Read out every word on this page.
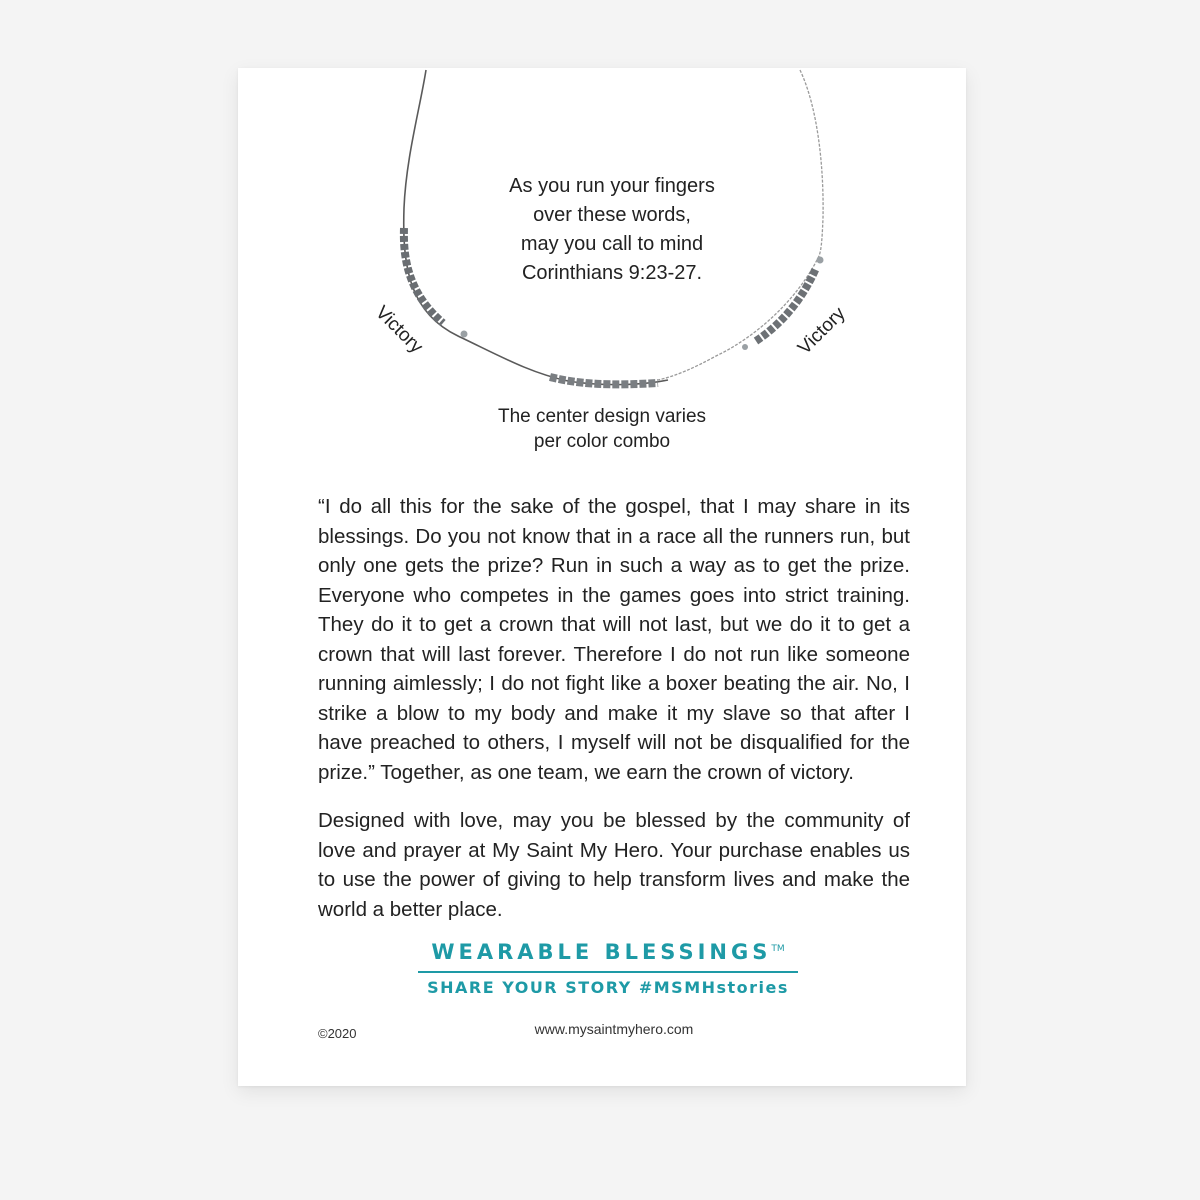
As you run your fingers
over these words,
may you call to mind
Corinthians 9:23-27.
Victory	Victory
The center design varies
per color combo

“I do all this for the sake of the gospel, that I may share in its blessings. Do you not know that in a race all the runners run, but only one gets the prize? Run in such a way as to get the prize. Everyone who competes in the games goes into strict training. They do it to get a crown that will not last, but we do it to get a crown that will last forever. Therefore I do not run like someone running aimlessly; I do not fight like a boxer beating the air. No, I strike a blow to my body and make it my slave so that after I have preached to others, I myself will not be disqualified for the prize.” Together, as one team, we earn the crown of victory.

Designed with love, may you be blessed by the community of love and prayer at My Saint My Hero. Your purchase enables us to use the power of giving to help transform lives and make the world a better place.

WEARABLE BLESSINGS™
SHARE YOUR STORY #MSMHstories
©2020	www.mysaintmyhero.com
